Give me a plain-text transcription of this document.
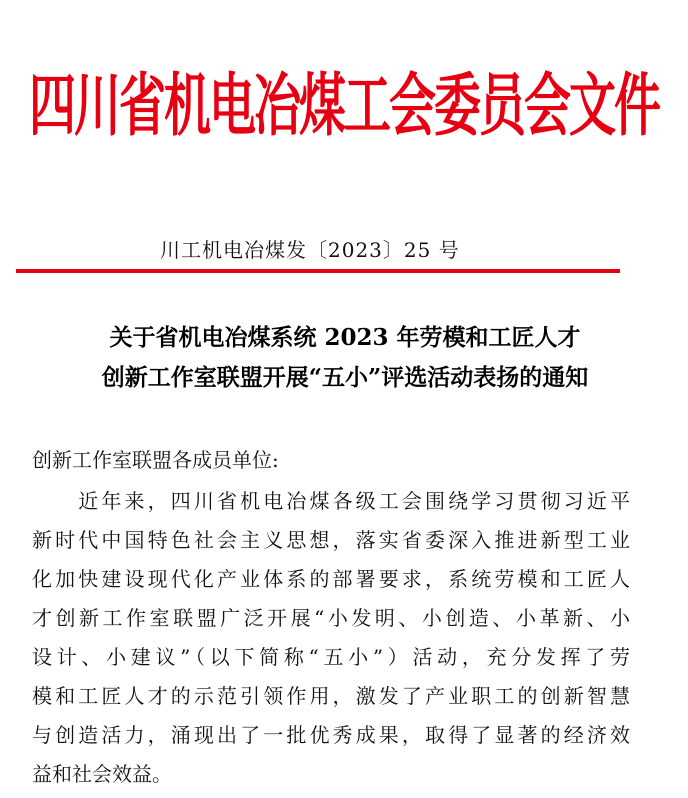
四川省机电冶煤工会委员会文件
川工机电冶煤发〔2023〕25 号
关于省机电冶煤系统 2023 年劳模和工匠人才
创新工作室联盟开展“五小”评选活动表扬的通知
创新工作室联盟各成员单位:
　　近年来，四川省机电冶煤各级工会围绕学习贯彻习近平
新时代中国特色社会主义思想，落实省委深入推进新型工业
化加快建设现代化产业体系的部署要求，系统劳模和工匠人
才创新工作室联盟广泛开展“小发明、小创造、小革新、小
设计、小建议”（以下简称“五小”）活动，充分发挥了劳
模和工匠人才的示范引领作用，激发了产业职工的创新智慧
与创造活力，涌现出了一批优秀成果，取得了显著的经济效
益和社会效益。
